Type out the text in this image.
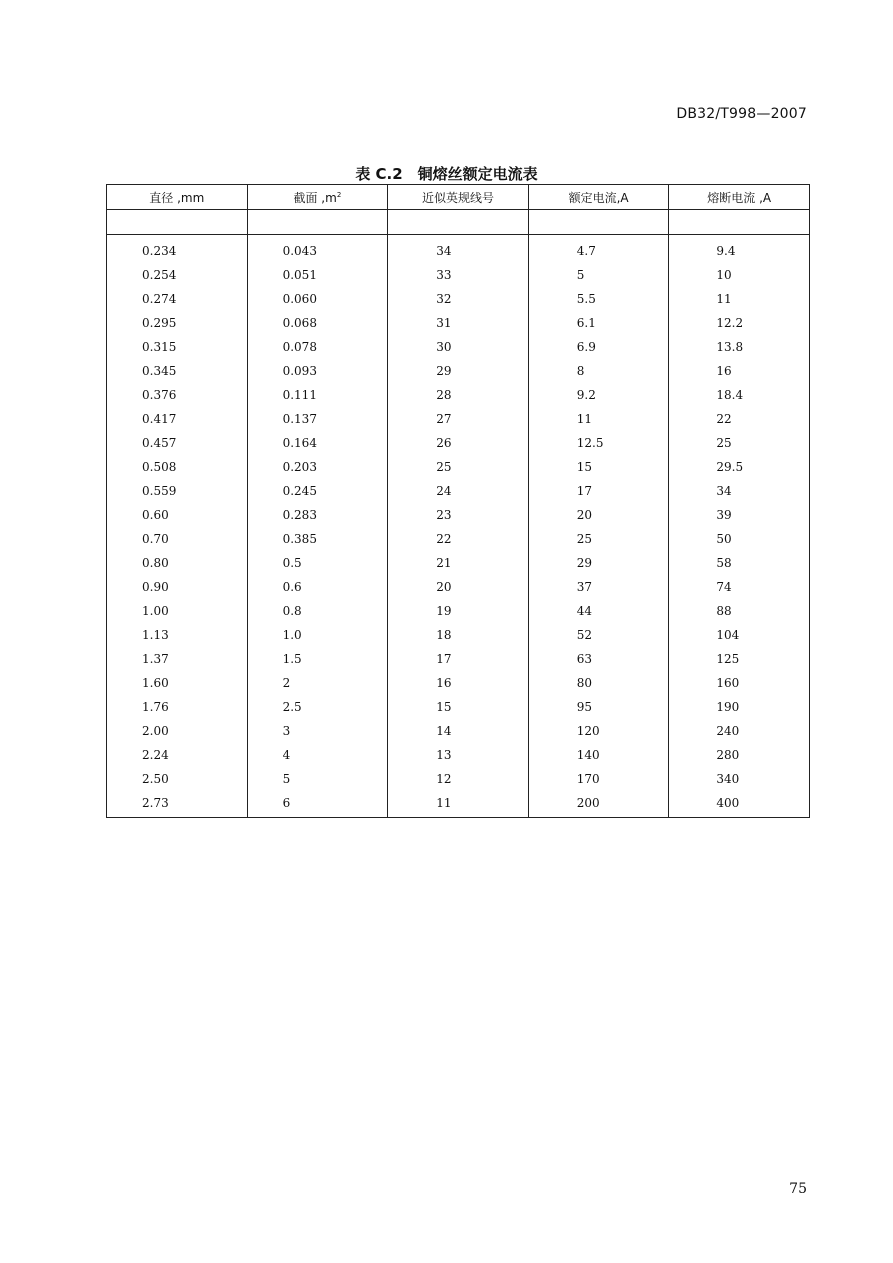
DB32/T998—2007
表 C.2　铜熔丝额定电流表
直径 ,mm	截面 $,m^2$	近似英规线号	额定电流,A	熔断电流 ,A

0.234	0.043	34	4.7	9.4
0.254	0.051	33	5	10
0.274	0.060	32	5.5	11
0.295	0.068	31	6.1	12.2
0.315	0.078	30	6.9	13.8
0.345	0.093	29	8	16
0.376	0.111	28	9.2	18.4
0.417	0.137	27	11	22
0.457	0.164	26	12.5	25
0.508	0.203	25	15	29.5
0.559	0.245	24	17	34
0.60	0.283	23	20	39
0.70	0.385	22	25	50
0.80	0.5	21	29	58
0.90	0.6	20	37	74
1.00	0.8	19	44	88
1.13	1.0	18	52	104
1.37	1.5	17	63	125
1.60	2	16	80	160
1.76	2.5	15	95	190
2.00	3	14	120	240
2.24	4	13	140	280
2.50	5	12	170	340
2.73	6	11	200	400
75
